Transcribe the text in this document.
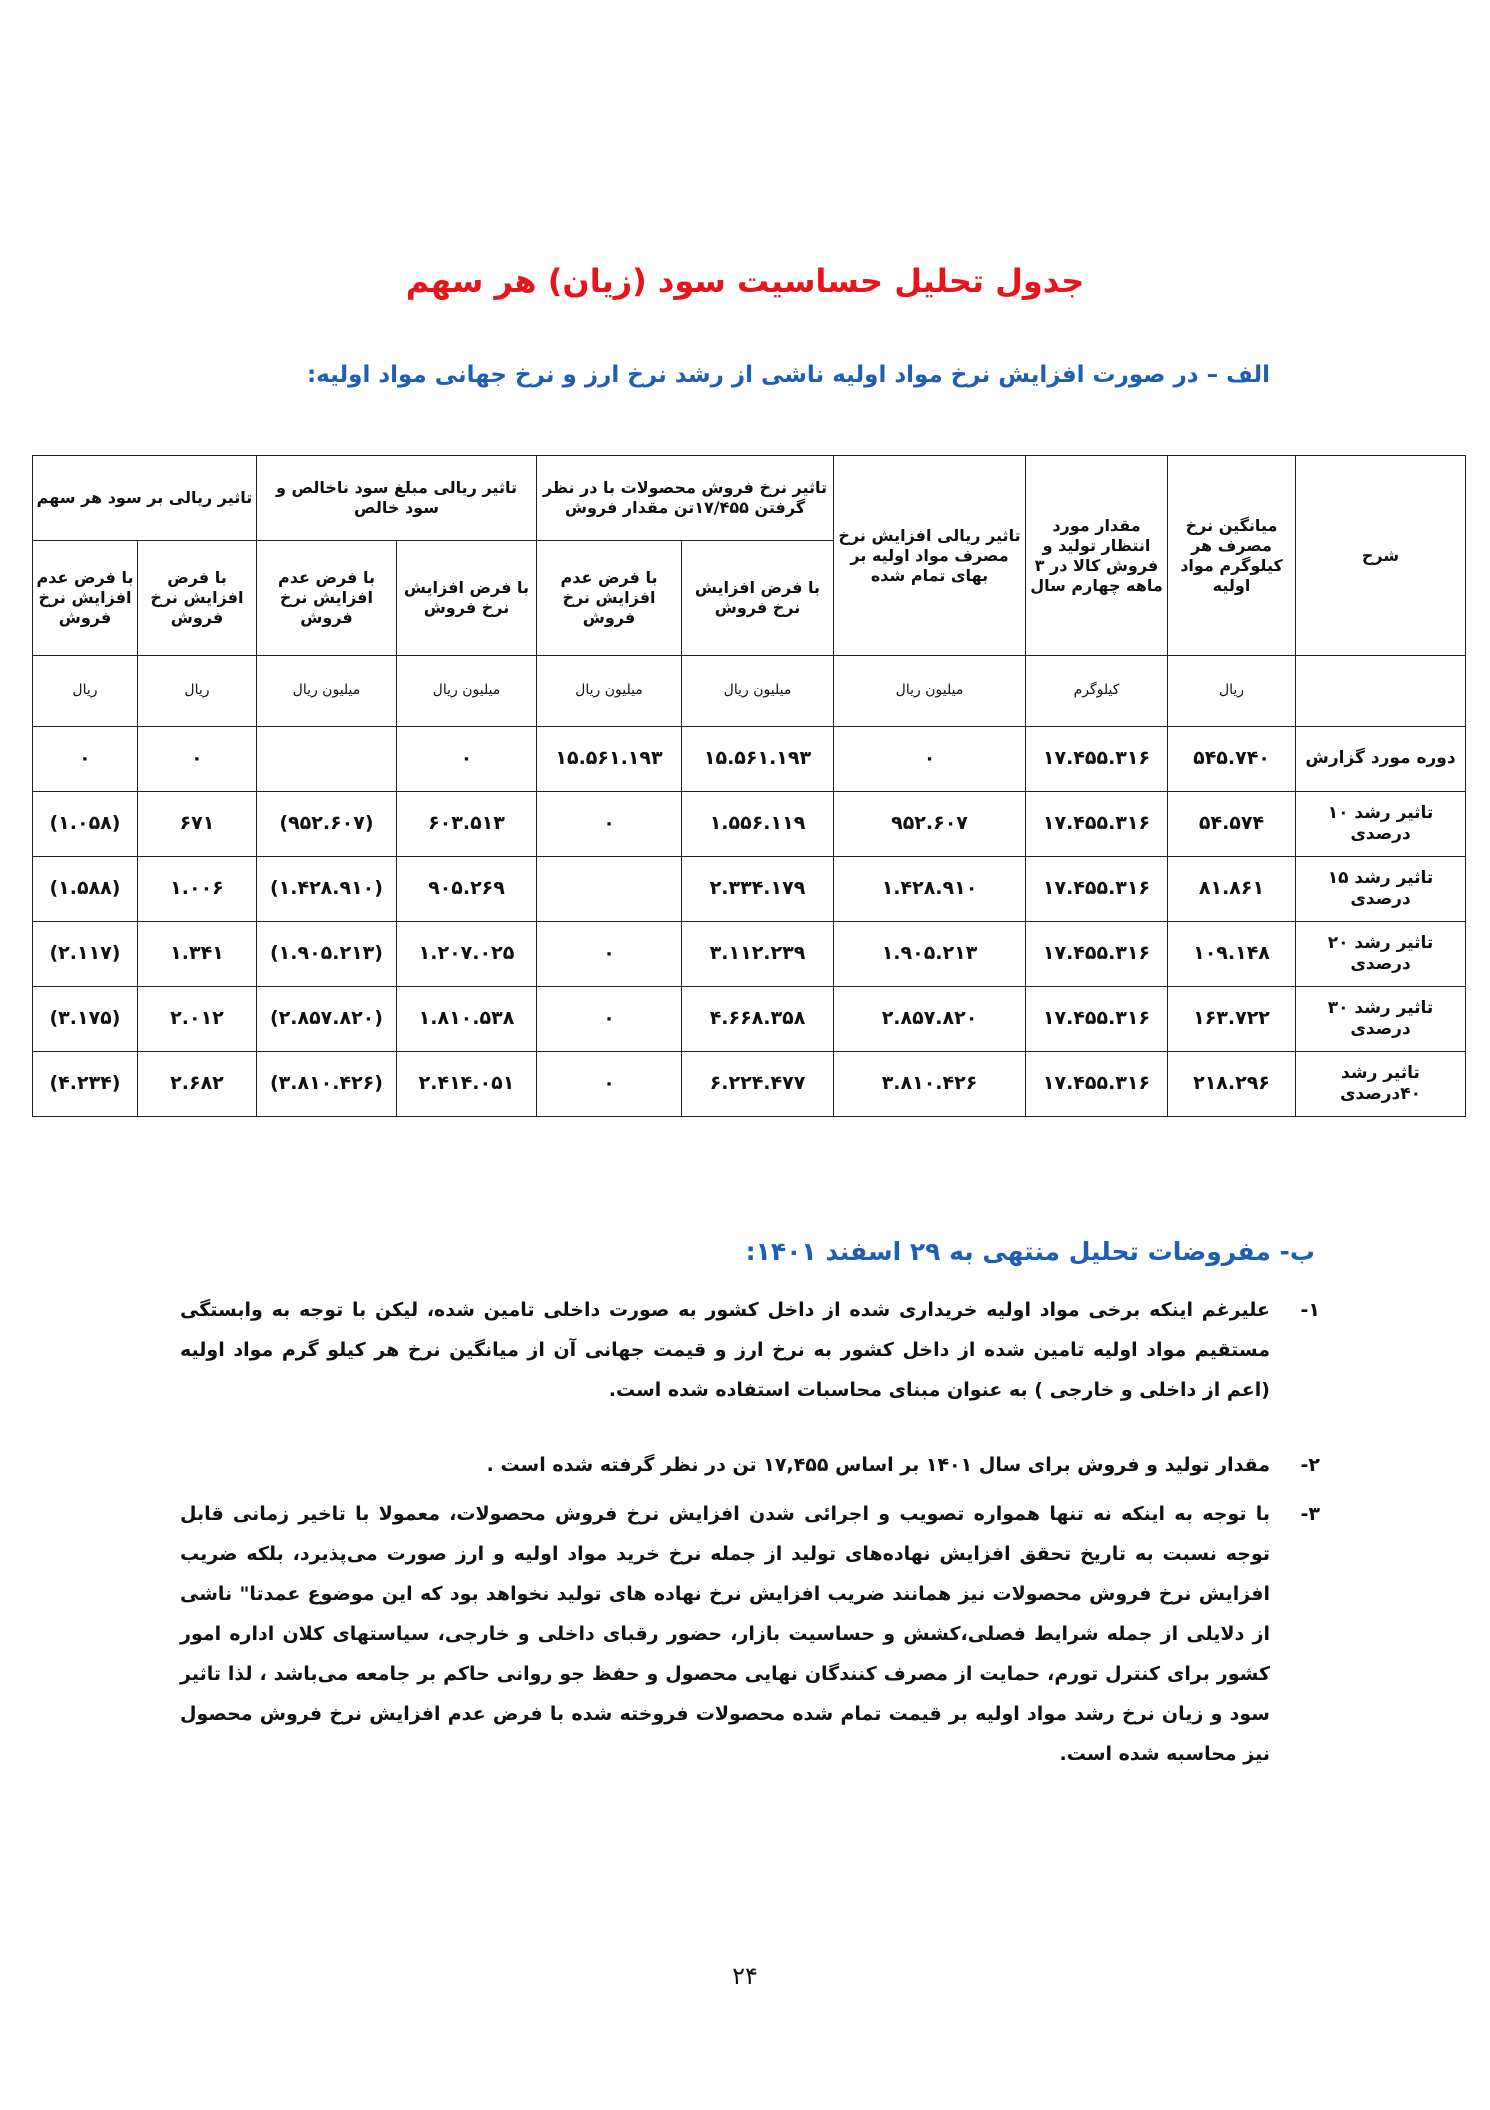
جدول تحلیل حساسیت سود (زیان) هر سهم
الف – در صورت افزایش نرخ مواد اولیه ناشی از رشد نرخ ارز و نرخ جهانی مواد اولیه:
شرح	میانگین نرخ مصرف هر کیلوگرم مواد اولیه	مقدار مورد انتظار تولید و فروش کالا در ۳ ماهه چهارم سال	تاثیر ریالی افزایش نرخ مصرف مواد اولیه بر بهای تمام شده	تاثیر نرخ فروش محصولات با در نظر گرفتن ۱۷/۴۵۵تن مقدار فروش		تاثیر ریالی مبلغ سود ناخالص و سود خالص		تاثیر ریالی بر سود هر سهم	
				با فرض افزایش نرخ فروش	با فرض عدم افزایش نرخ فروش	با فرض افزایش نرخ فروش	با فرض عدم افزایش نرخ فروش	با فرض افزایش نرخ فروش	با فرض عدم افزایش نرخ فروش
	ریال	کیلوگرم	میلیون ریال	میلیون ریال	میلیون ریال	میلیون ریال	میلیون ریال	ریال	ریال
دوره مورد گزارش	۵۴۵.۷۴۰	۱۷.۴۵۵.۳۱۶	۰	۱۵.۵۶۱.۱۹۳	۱۵.۵۶۱.۱۹۳	۰		۰	۰
تاثیر رشد ۱۰ درصدی	۵۴.۵۷۴	۱۷.۴۵۵.۳۱۶	۹۵۲.۶۰۷	۱.۵۵۶.۱۱۹	۰	۶۰۳.۵۱۳	(۹۵۲.۶۰۷)	۶۷۱	(۱.۰۵۸)
تاثیر رشد ۱۵ درصدی	۸۱.۸۶۱	۱۷.۴۵۵.۳۱۶	۱.۴۲۸.۹۱۰	۲.۳۳۴.۱۷۹		۹۰۵.۲۶۹	(۱.۴۲۸.۹۱۰)	۱.۰۰۶	(۱.۵۸۸)
تاثیر رشد ۲۰ درصدی	۱۰۹.۱۴۸	۱۷.۴۵۵.۳۱۶	۱.۹۰۵.۲۱۳	۳.۱۱۲.۲۳۹	۰	۱.۲۰۷.۰۲۵	(۱.۹۰۵.۲۱۳)	۱.۳۴۱	(۲.۱۱۷)
تاثیر رشد ۳۰ درصدی	۱۶۳.۷۲۲	۱۷.۴۵۵.۳۱۶	۲.۸۵۷.۸۲۰	۴.۶۶۸.۳۵۸	۰	۱.۸۱۰.۵۳۸	(۲.۸۵۷.۸۲۰)	۲.۰۱۲	(۳.۱۷۵)
تاثیر رشد ۴۰درصدی	۲۱۸.۲۹۶	۱۷.۴۵۵.۳۱۶	۳.۸۱۰.۴۲۶	۶.۲۲۴.۴۷۷	۰	۲.۴۱۴.۰۵۱	(۳.۸۱۰.۴۲۶)	۲.۶۸۲	(۴.۲۳۴)
ب- مفروضات تحلیل منتهی به ۲۹ اسفند ۱۴۰۱:
۱-
علیرغم اینکه برخی مواد اولیه خریداری شده از داخل کشور به صورت داخلی تامین شده، لیکن با توجه به وابستگی مستقیم مواد اولیه تامین شده از داخل کشور به نرخ ارز و قیمت جهانی آن از میانگین نرخ هر کیلو گرم مواد اولیه (اعم از داخلی و خارجی ) به عنوان مبنای محاسبات استفاده شده است.
۲-
مقدار تولید و فروش برای سال ۱۴۰۱ بر اساس ۱۷,۴۵۵ تن در نظر گرفته شده است .
۳-
با توجه به اینکه نه تنها همواره تصویب و اجرائی شدن افزایش نرخ فروش محصولات، معمولا با تاخیر زمانی قابل توجه نسبت به تاریخ تحقق افزایش نهاده‌های تولید از جمله نرخ خرید مواد اولیه و ارز صورت می‌پذیرد، بلکه ضریب افزایش نرخ فروش محصولات نیز همانند ضریب افزایش نرخ نهاده های تولید نخواهد بود که این موضوع عمدتا" ناشی از دلایلی از جمله شرایط فصلی،کشش و حساسیت بازار، حضور رقبای داخلی و خارجی، سیاستهای کلان اداره امور کشور برای کنترل تورم، حمایت از مصرف کنندگان نهایی محصول و حفظ جو روانی حاکم بر جامعه می‌باشد ، لذا تاثیر سود و زیان نرخ رشد مواد اولیه بر قیمت تمام شده محصولات فروخته شده با فرض عدم افزایش نرخ فروش محصول نیز محاسبه شده است.
۲۴
